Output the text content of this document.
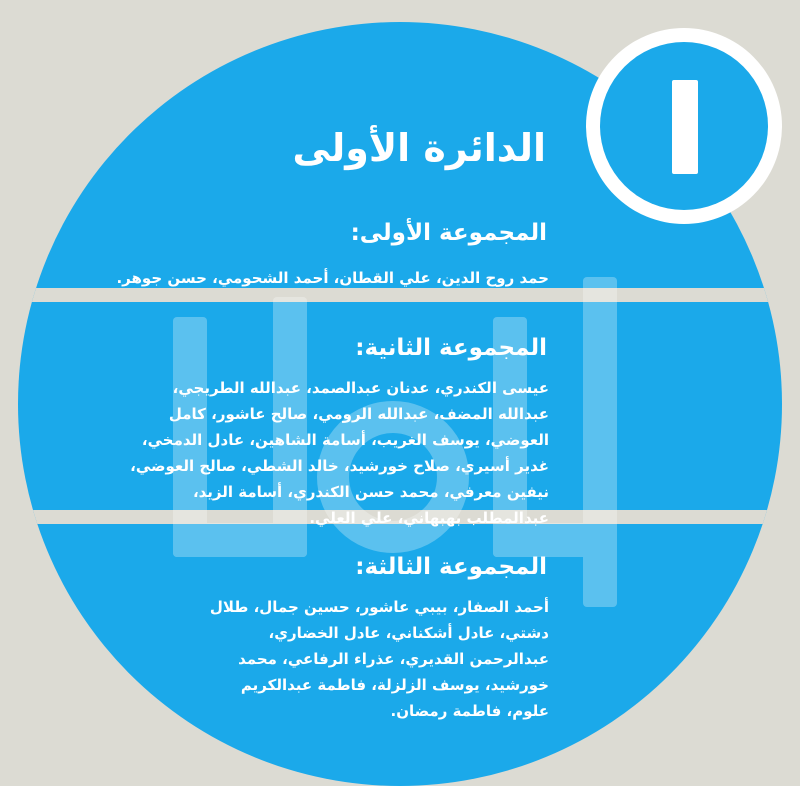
الدائرة الأولى
المجموعة الأولى:
حمد روح الدين، علي القطان، أحمد الشحومي، حسن جوهر.
المجموعة الثانية:
عيسى الكندري، عدنان عبدالصمد، عبدالله الطريجي، عبدالله المضف، عبدالله الرومي، صالح عاشور، كامل العوضي، يوسف الغريب، أسامة الشاهين، عادل الدمخي، غدير أسيري، صلاح خورشيد، خالد الشطي، صالح العوضي، نيفين معرفي، محمد حسن الكندري، أسامة الزيد، عبدالمطلب بهبهاني، علي العلي.
المجموعة الثالثة:
أحمد الصفار، بيبي عاشور، حسين جمال، طلال دشتي، عادل أشكناني، عادل الخضاري، عبدالرحمن القديري، عذراء الرفاعي، محمد خورشيد، يوسف الزلزلة، فاطمة عبدالكريم علوم، فاطمة رمضان.
